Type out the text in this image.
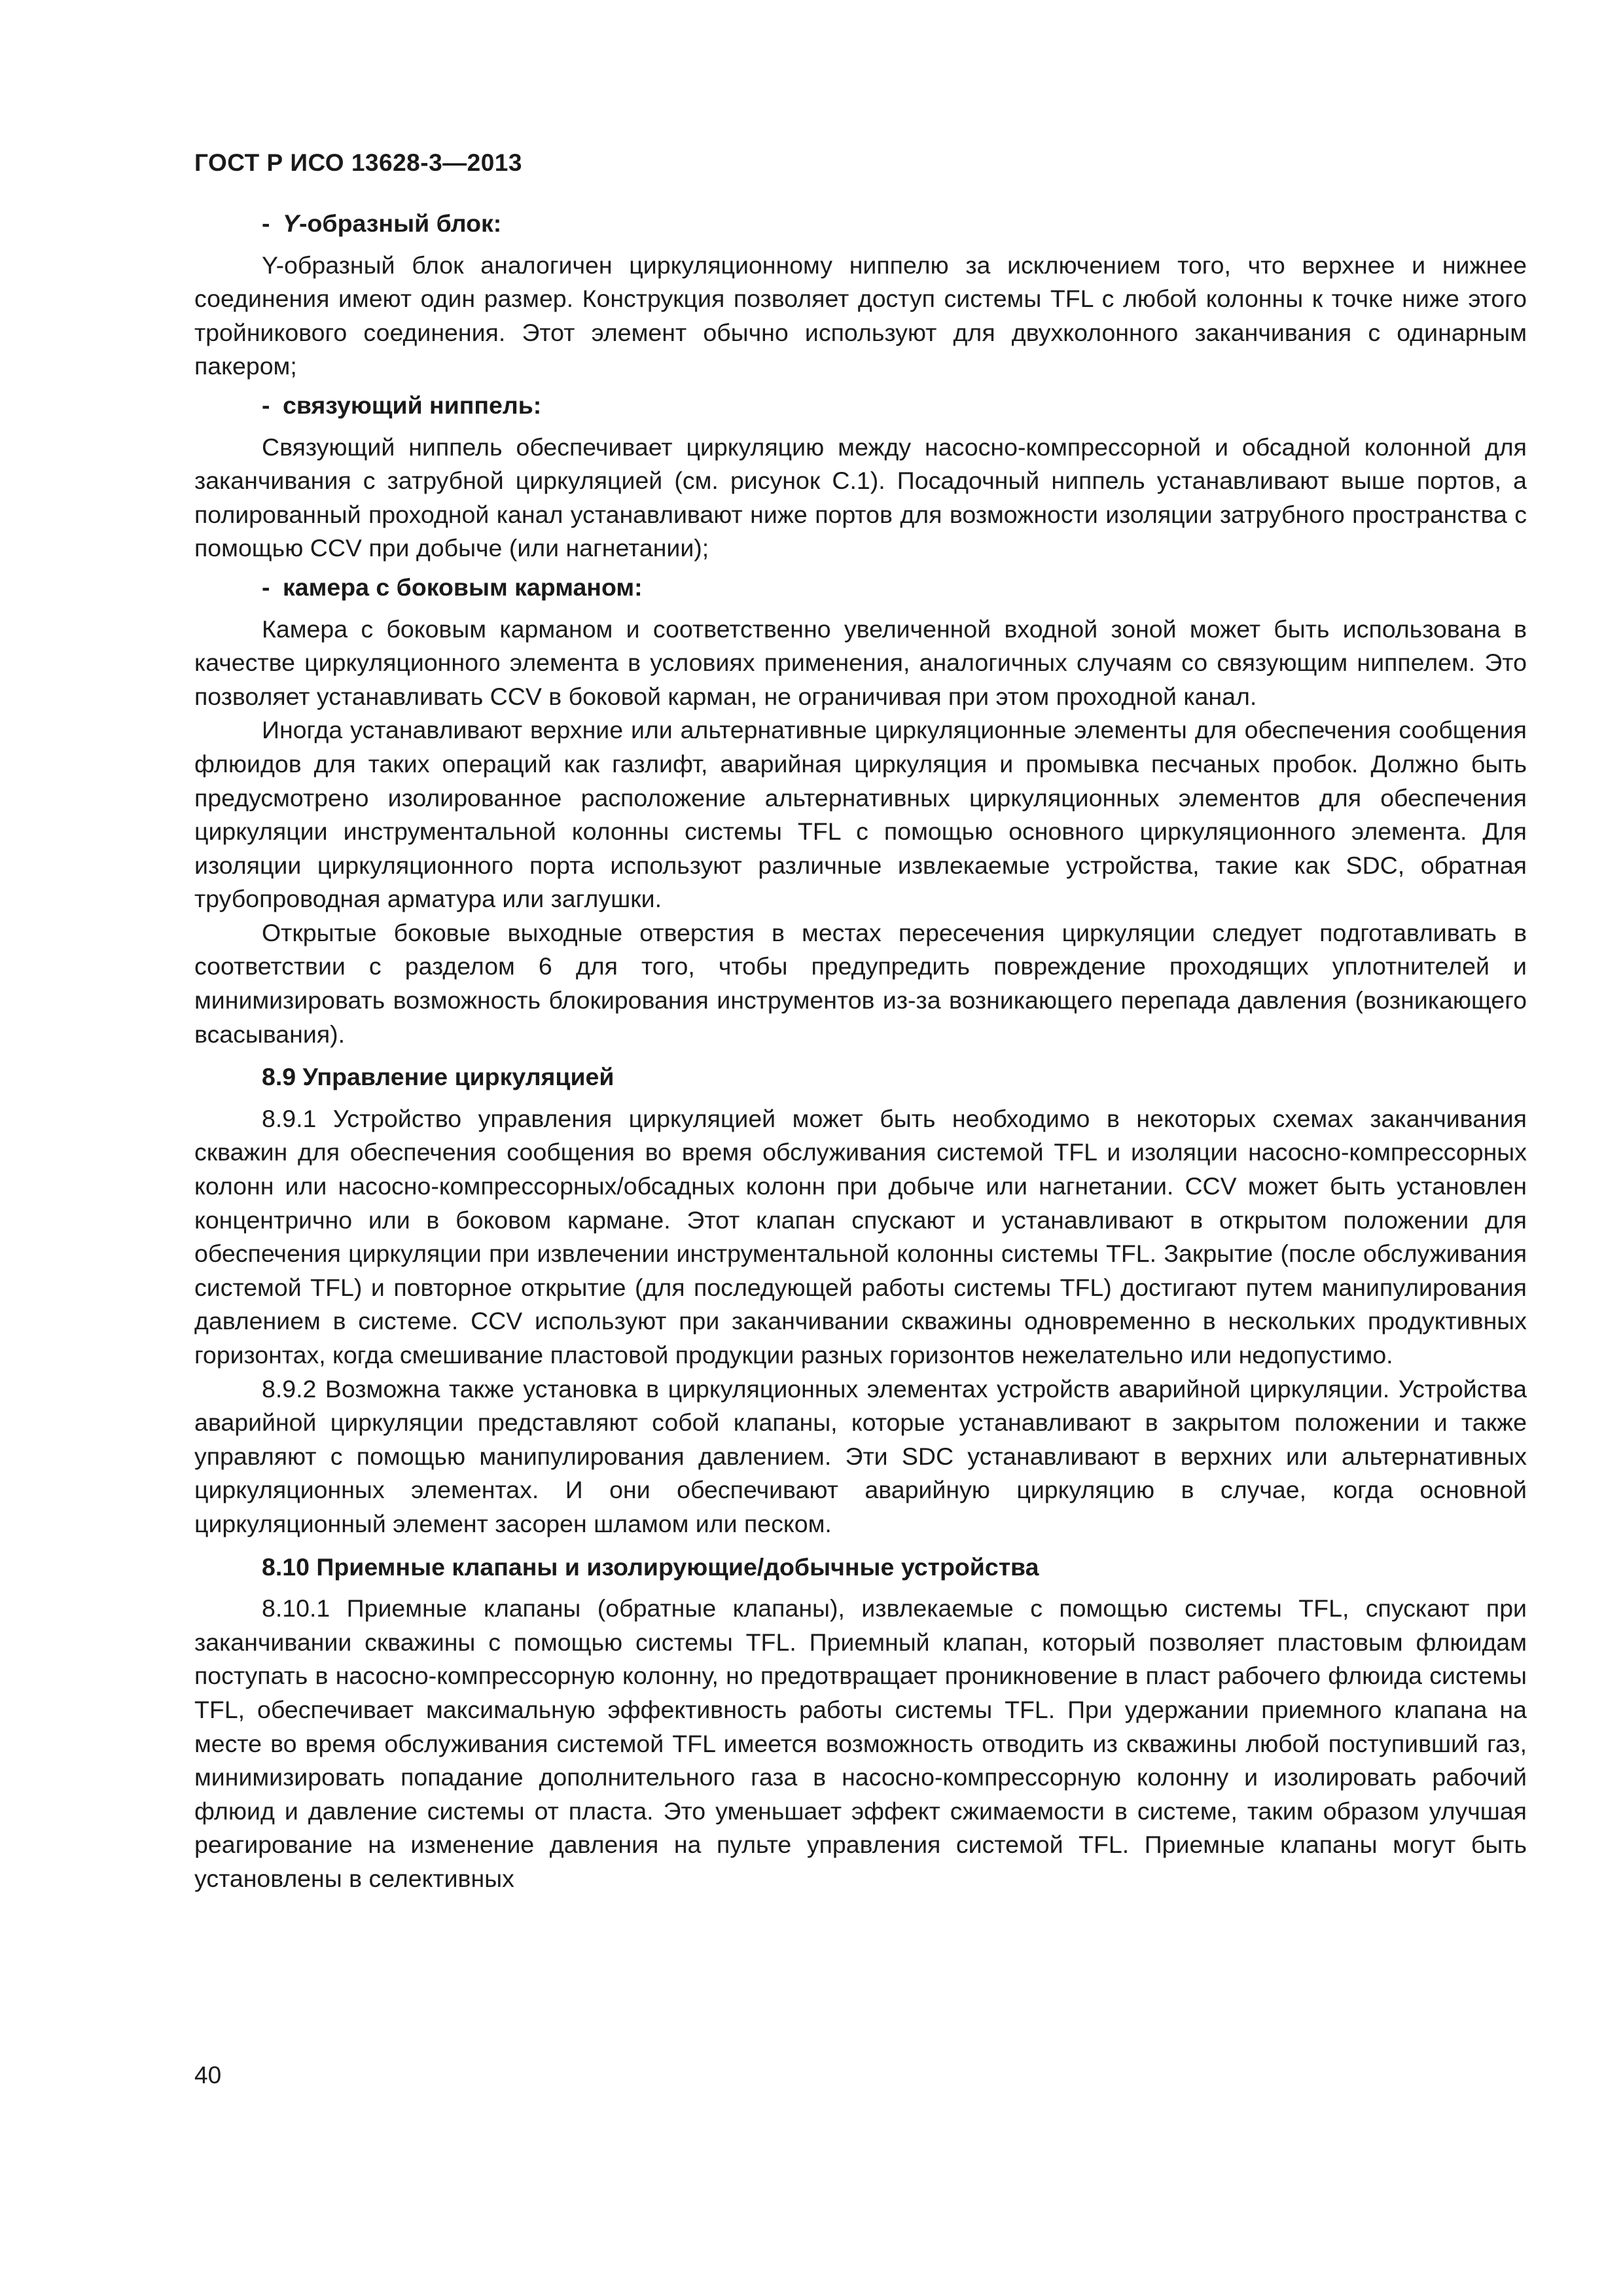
ГОСТ Р ИСО 13628-3—2013
- Y-образный блок:

Y-образный блок аналогичен циркуляционному ниппелю за исключением того, что верхнее и нижнее соединения имеют один размер. Конструкция позволяет доступ системы TFL с любой колонны к точке ниже этого тройникового соединения. Этот элемент обычно используют для двухколонного заканчивания с одинарным пакером;

- связующий ниппель:

Связующий ниппель обеспечивает циркуляцию между насосно-компрессорной и обсадной колонной для заканчивания с затрубной циркуляцией (см. рисунок С.1). Посадочный ниппель устанавливают выше портов, а полированный проходной канал устанавливают ниже портов для возможности изоляции затрубного пространства с помощью CCV при добыче (или нагнетании);

- камера с боковым карманом:

Камера с боковым карманом и соответственно увеличенной входной зоной может быть использована в качестве циркуляционного элемента в условиях применения, аналогичных случаям со связующим ниппелем. Это позволяет устанавливать CCV в боковой карман, не ограничивая при этом проходной канал.

Иногда устанавливают верхние или альтернативные циркуляционные элементы для обеспечения сообщения флюидов для таких операций как газлифт, аварийная циркуляция и промывка песчаных пробок. Должно быть предусмотрено изолированное расположение альтернативных циркуляционных элементов для обеспечения циркуляции инструментальной колонны системы TFL с помощью основного циркуляционного элемента. Для изоляции циркуляционного порта используют различные извлекаемые устройства, такие как SDC, обратная трубопроводная арматура или заглушки.

Открытые боковые выходные отверстия в местах пересечения циркуляции следует подготавливать в соответствии с разделом 6 для того, чтобы предупредить повреждение проходящих уплотнителей и минимизировать возможность блокирования инструментов из-за возникающего перепада давления (возникающего всасывания).

8.9 Управление циркуляцией

8.9.1 Устройство управления циркуляцией может быть необходимо в некоторых схемах заканчивания скважин для обеспечения сообщения во время обслуживания системой TFL и изоляции насосно-компрессорных колонн или насосно-компрессорных/обсадных колонн при добыче или нагнетании. CCV может быть установлен концентрично или в боковом кармане. Этот клапан спускают и устанавливают в открытом положении для обеспечения циркуляции при извлечении инструментальной колонны системы TFL. Закрытие (после обслуживания системой TFL) и повторное открытие (для последующей работы системы TFL) достигают путем манипулирования давлением в системе. CCV используют при заканчивании скважины одновременно в нескольких продуктивных горизонтах, когда смешивание пластовой продукции разных горизонтов нежелательно или недопустимо.

8.9.2 Возможна также установка в циркуляционных элементах устройств аварийной циркуляции. Устройства аварийной циркуляции представляют собой клапаны, которые устанавливают в закрытом положении и также управляют с помощью манипулирования давлением. Эти SDC устанавливают в верхних или альтернативных циркуляционных элементах. И они обеспечивают аварийную циркуляцию в случае, когда основной циркуляционный элемент засорен шламом или песком.

8.10 Приемные клапаны и изолирующие/добычные устройства

8.10.1 Приемные клапаны (обратные клапаны), извлекаемые с помощью системы TFL, спускают при заканчивании скважины с помощью системы TFL. Приемный клапан, который позволяет пластовым флюидам поступать в насосно-компрессорную колонну, но предотвращает проникновение в пласт рабочего флюида системы TFL, обеспечивает максимальную эффективность работы системы TFL. При удержании приемного клапана на месте во время обслуживания системой TFL имеется возможность отводить из скважины любой поступивший газ, минимизировать попадание дополнительного газа в насосно-компрессорную колонну и изолировать рабочий флюид и давление системы от пласта. Это уменьшает эффект сжимаемости в системе, таким образом улучшая реагирование на изменение давления на пульте управления системой TFL. Приемные клапаны могут быть установлены в селективных

40
